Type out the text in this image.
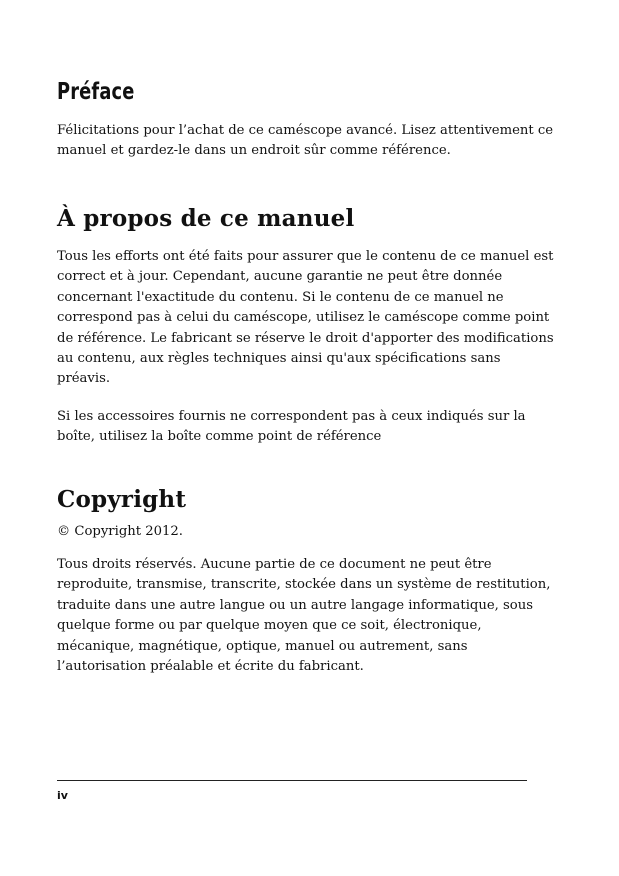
Préface

Félicitations pour l’achat de ce caméscope avancé. Lisez attentivement ce manuel et gardez-le dans un endroit sûr comme référence.

À propos de ce manuel

Tous les efforts ont été faits pour assurer que le contenu de ce manuel est correct et à jour. Cependant, aucune garantie ne peut être donnée concernant l'exactitude du contenu. Si le contenu de ce manuel ne correspond pas à celui du caméscope, utilisez le caméscope comme point de référence. Le fabricant se réserve le droit d'apporter des modifications au contenu, aux règles techniques ainsi qu'aux spécifications sans préavis.

Si les accessoires fournis ne correspondent pas à ceux indiqués sur la boîte, utilisez la boîte comme point de référence

Copyright

© Copyright 2012.

Tous droits réservés. Aucune partie de ce document ne peut être reproduite, transmise, transcrite, stockée dans un système de restitution, traduite dans une autre langue ou un autre langage informatique, sous quelque forme ou par quelque moyen que ce soit, électronique, mécanique, magnétique, optique, manuel ou autrement, sans l’autorisation préalable et écrite du fabricant.

iv
